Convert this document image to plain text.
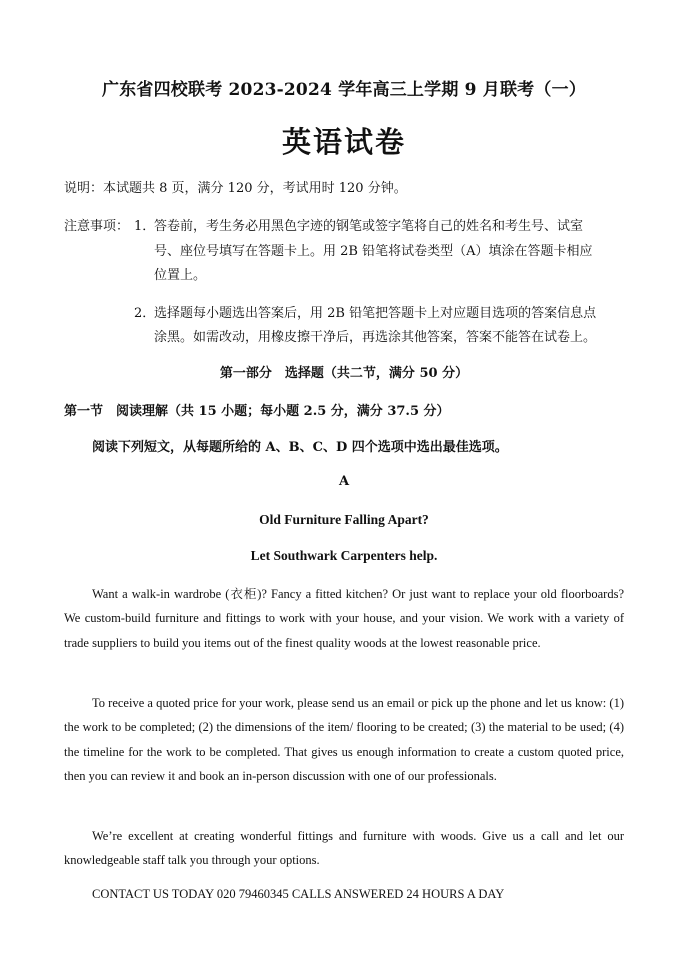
广东省四校联考 2023-2024 学年高三上学期 9 月联考（一）
英语试卷
说明：本试题共 8 页，满分 120 分，考试用时 120 分钟。
注意事项： 1．
答卷前，考生务必用黑色字迹的钢笔或签字笔将自己的姓名和考生号、试室
号、座位号填写在答题卡上。用 2B 铅笔将试卷类型（A）填涂在答题卡相应
位置上。
2．
选择题每小题选出答案后，用 2B 铅笔把答题卡上对应题目选项的答案信息点
涂黑。如需改动，用橡皮擦干净后，再选涂其他答案，答案不能答在试卷上。
第一部分　选择题（共二节，满分 50 分）
第一节　阅读理解（共 15 小题；每小题 2.5 分，满分 37.5 分）
阅读下列短文，从每题所给的 A、B、C、D 四个选项中选出最佳选项。
A
Old Furniture Falling Apart?
Let Southwark Carpenters help.
Want a walk-in wardrobe (衣柜)? Fancy a fitted kitchen? Or just want to replace your old floorboards? We custom-build furniture and fittings to work with your house, and your vision. We work with a variety of trade suppliers to build you items out of the finest quality woods at the lowest reasonable price.
To receive a quoted price for your work, please send us an email or pick up the phone and let us know: (1) the work to be completed; (2) the dimensions of the item/ flooring to be created; (3) the material to be used; (4) the timeline for the work to be completed. That gives us enough information to create a custom quoted price, then you can review it and book an in-person discussion with one of our professionals.
We’re excellent at creating wonderful fittings and furniture with woods. Give us a call and let our knowledgeable staff talk you through your options.
CONTACT US TODAY 020 79460345 CALLS ANSWERED 24 HOURS A DAY
